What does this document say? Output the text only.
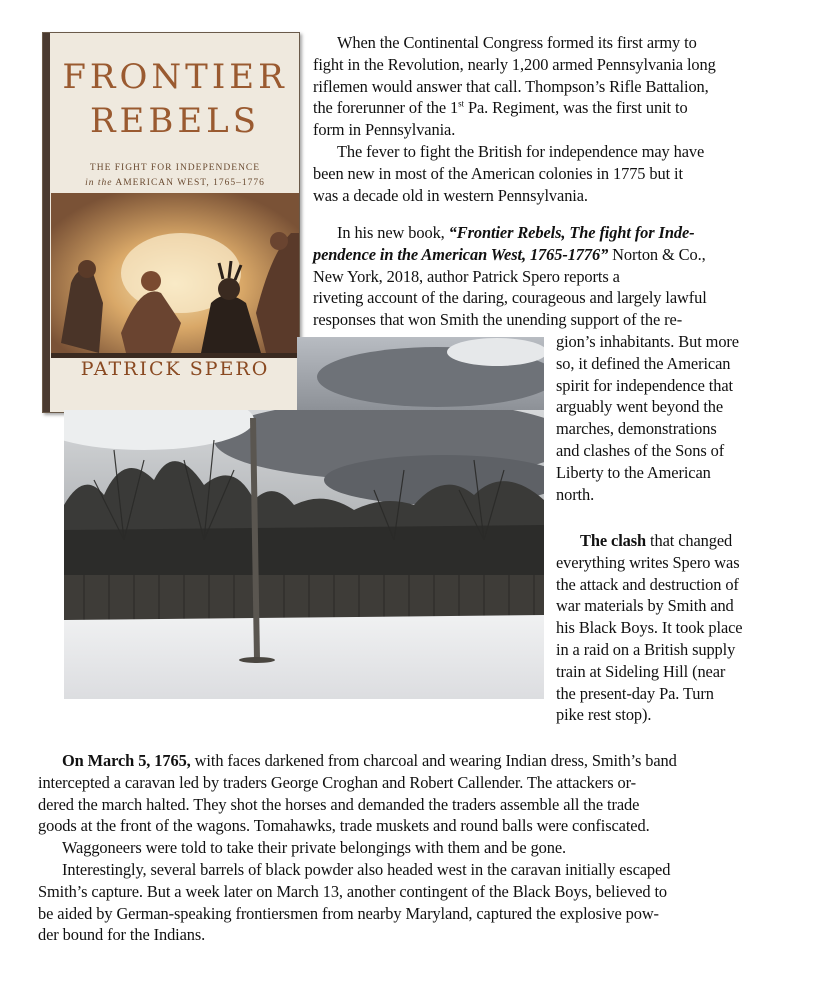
FRONTIER
REBELS
THE FIGHT FOR INDEPENDENCE
in the AMERICAN WEST, 1765–1776
PATRICK SPERO
When the Continental Congress formed its first army to
fight in the Revolution, nearly 1,200 armed Pennsylvania long
riflemen would answer that call. Thompson’s Rifle Battalion,
the forerunner of the 1st Pa. Regiment, was the first unit to
form in Pennsylvania.
The fever to fight the British for independence may have
been new in most of the American colonies in 1775 but it
was a decade old in western Pennsylvania.
In his new book, “Frontier Rebels, The fight for Inde-
pendence in the American West, 1765-1776” Norton & Co.,
New York, 2018, author Patrick Spero reports a
riveting account of the daring, courageous and largely lawful
responses that won Smith the unending support of the re-
gion’s inhabitants. But more
so, it defined the American
spirit for independence that
arguably went beyond the
marches, demonstrations
and clashes of the Sons of
Liberty to the American
north.
The clash that changed
everything writes Spero was
the attack and destruction of
war materials by Smith and
his Black Boys. It took place
in a raid on a British supply
train at Sideling Hill (near
the present-day Pa. Turn
pike rest stop).
On March 5, 1765, with faces darkened from charcoal and wearing Indian dress, Smith’s band
intercepted a caravan led by traders George Croghan and Robert Callender. The attackers or-
dered the march halted. They shot the horses and demanded the traders assemble all the trade
goods at the front of the wagons. Tomahawks, trade muskets and round balls were confiscated.
Waggoneers were told to take their private belongings with them and be gone.
Interestingly, several barrels of black powder also headed west in the caravan initially escaped
Smith’s capture. But a week later on March 13, another contingent of the Black Boys, believed to
be aided by German-speaking frontiersmen from nearby Maryland, captured the explosive pow-
der bound for the Indians.
